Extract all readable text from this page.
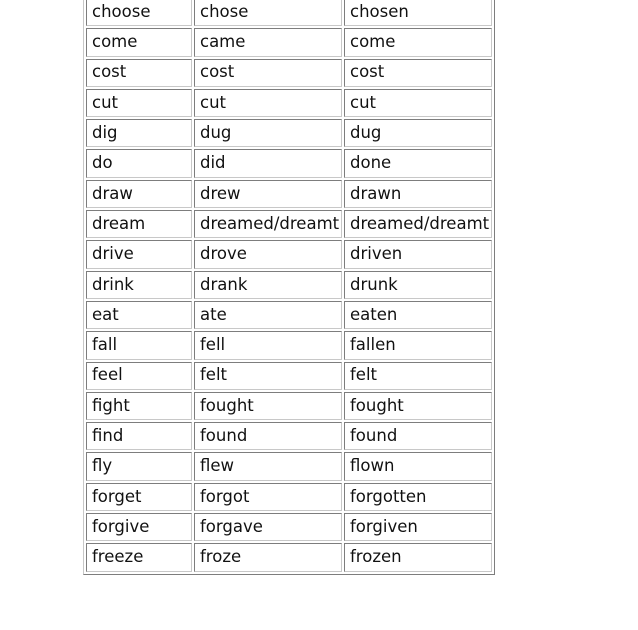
choose	chose	chosen
come	came	come
cost	cost	cost
cut	cut	cut
dig	dug	dug
do	did	done
draw	drew	drawn
dream	dreamed/dreamt	dreamed/dreamt
drive	drove	driven
drink	drank	drunk
eat	ate	eaten
fall	fell	fallen
feel	felt	felt
fight	fought	fought
find	found	found
fly	flew	flown
forget	forgot	forgotten
forgive	forgave	forgiven
freeze	froze	frozen
